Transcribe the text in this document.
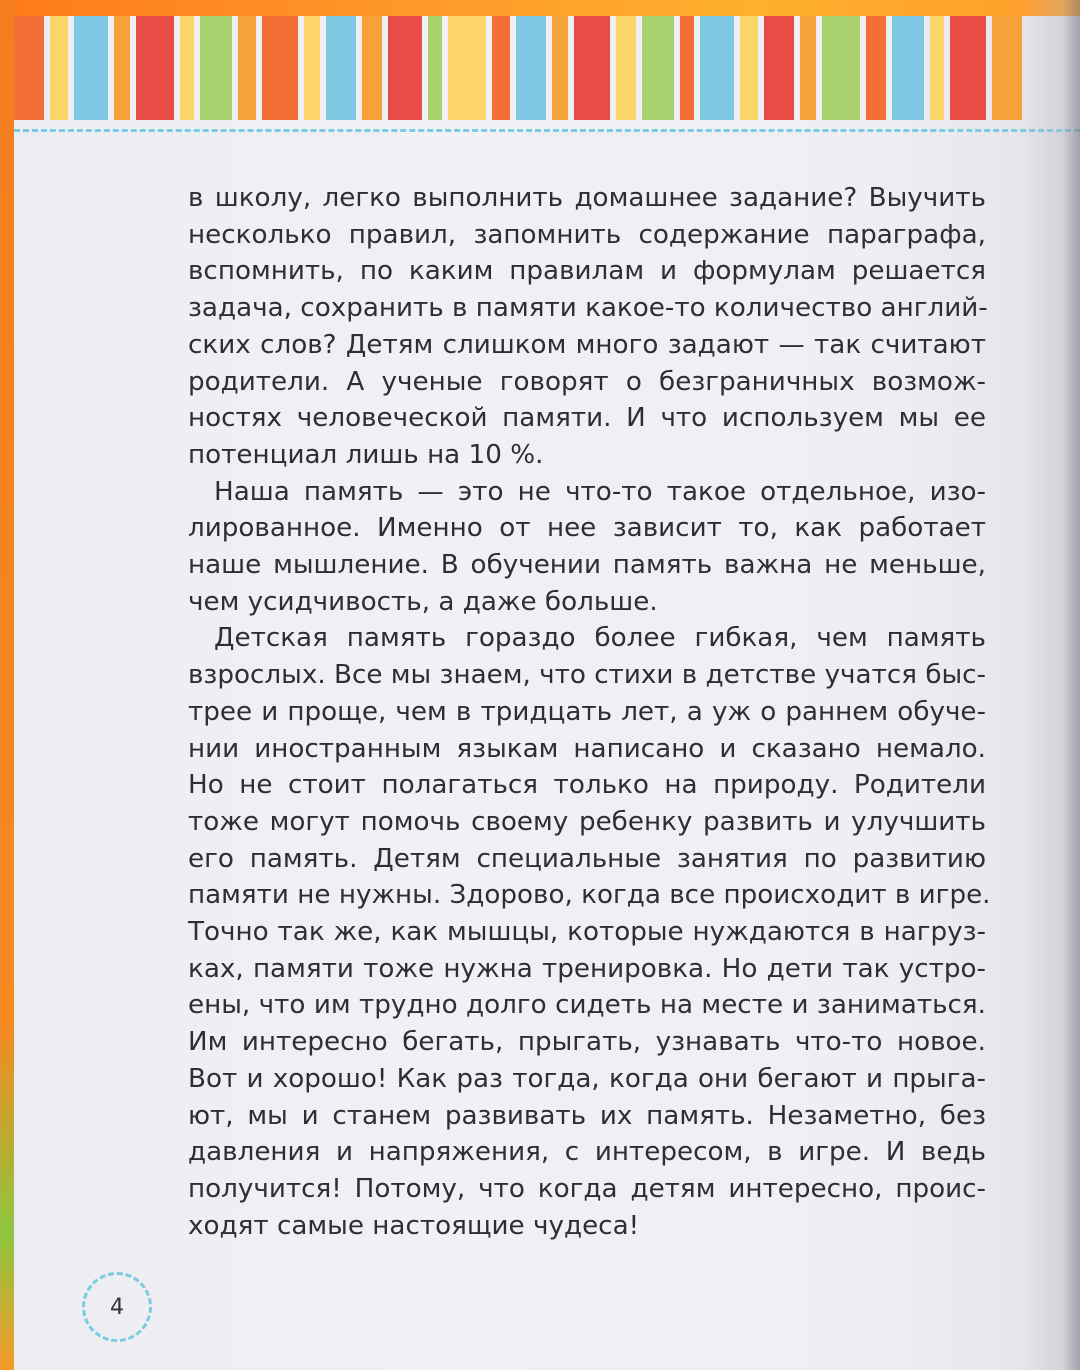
в школу, легко выполнить домашнее задание? Выучить
несколько правил, запомнить содержание параграфа,
вспомнить, по каким правилам и формулам решается
задача, сохранить в памяти какое-то количество англий-
ских слов? Детям слишком много задают — так считают
родители. А ученые говорят о безграничных возмож-
ностях человеческой памяти. И что используем мы ее
потенциал лишь на 10 %.

Наша память — это не что-то такое отдельное, изо-
лированное. Именно от нее зависит то, как работает
наше мышление. В обучении память важна не меньше,
чем усидчивость, а даже больше.

Детская память гораздо более гибкая, чем память
взрослых. Все мы знаем, что стихи в детстве учатся быс-
трее и проще, чем в тридцать лет, а уж о раннем обуче-
нии иностранным языкам написано и сказано немало.
Но не стоит полагаться только на природу. Родители
тоже могут помочь своему ребенку развить и улучшить
его память. Детям специальные занятия по развитию
памяти не нужны. Здорово, когда все происходит в игре.
Точно так же, как мышцы, которые нуждаются в нагруз-
ках, памяти тоже нужна тренировка. Но дети так устро-
ены, что им трудно долго сидеть на месте и заниматься.
Им интересно бегать, прыгать, узнавать что-то новое.
Вот и хорошо! Как раз тогда, когда они бегают и прыга-
ют, мы и станем развивать их память. Незаметно, без
давления и напряжения, с интересом, в игре. И ведь
получится! Потому, что когда детям интересно, проис-
ходят самые настоящие чудеса!

4
